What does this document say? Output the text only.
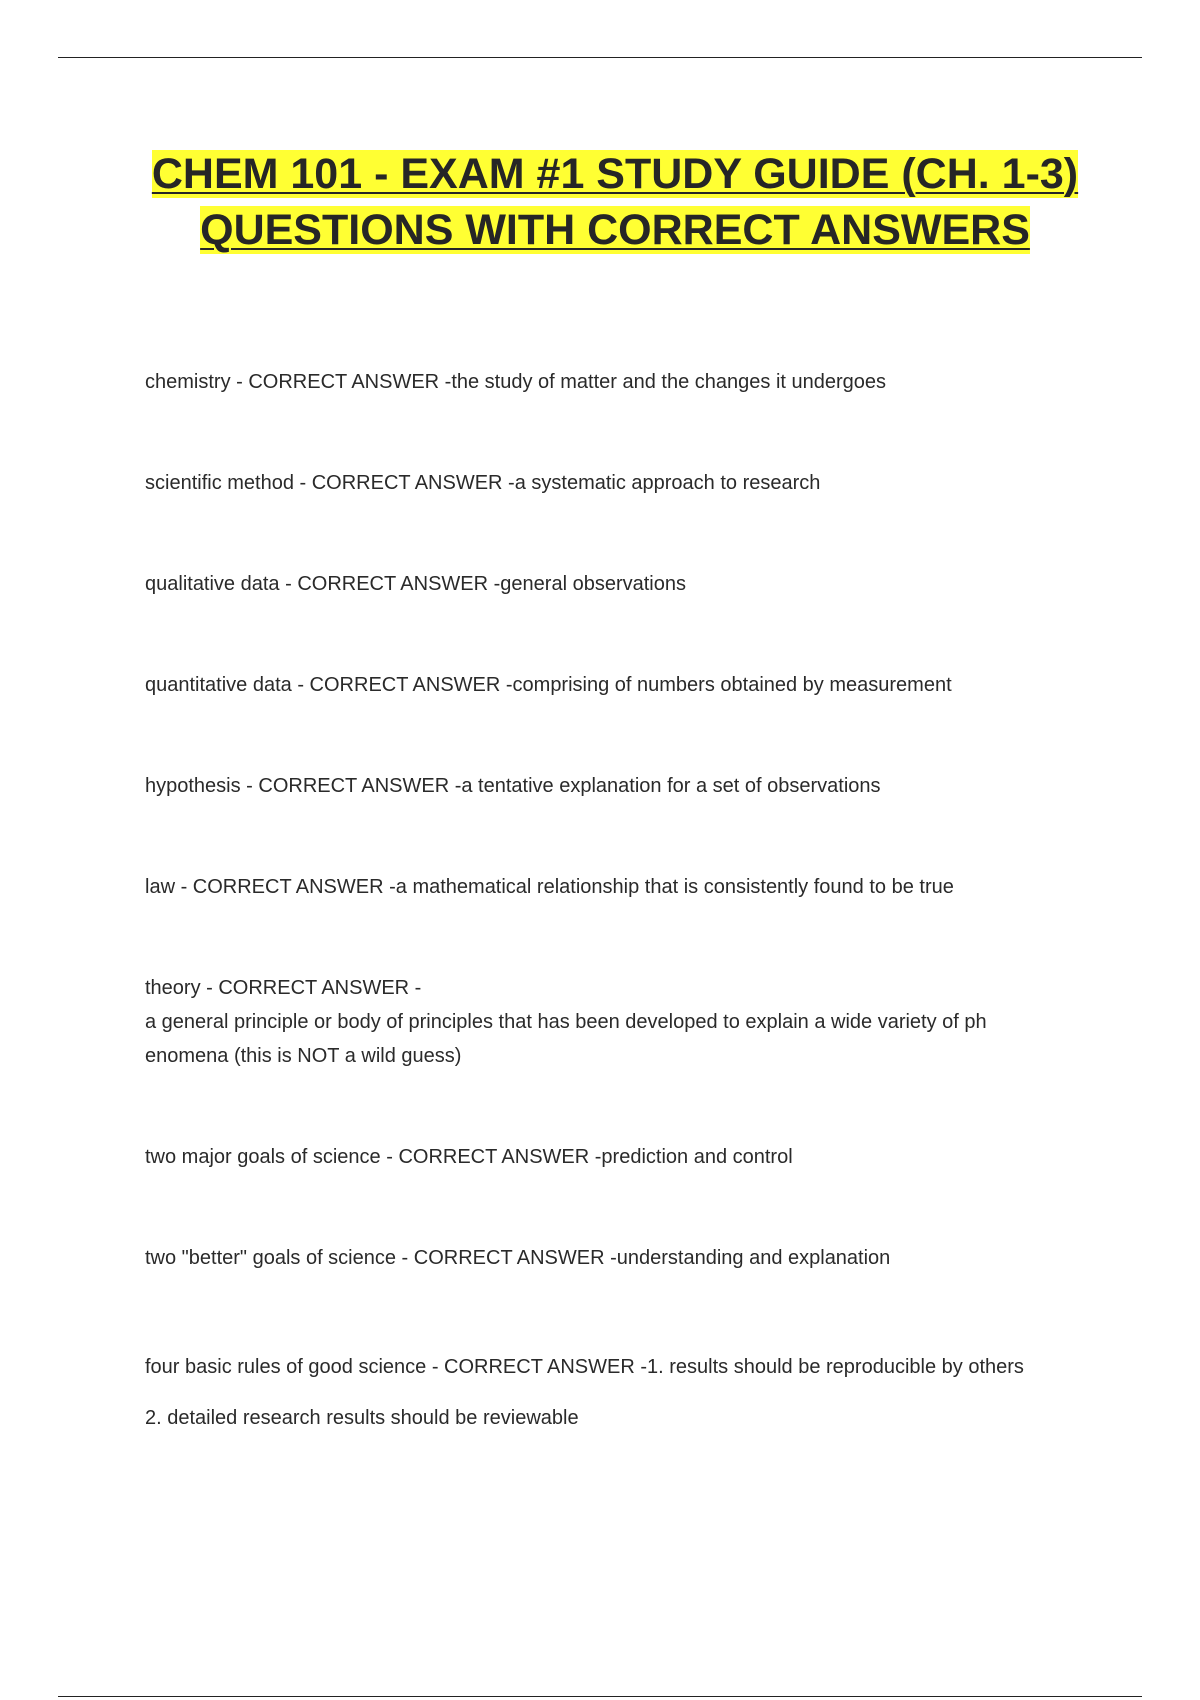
CHEM 101 - EXAM #1 STUDY GUIDE (CH. 1-3) QUESTIONS WITH CORRECT ANSWERS
chemistry - CORRECT ANSWER -the study of matter and the changes it undergoes
scientific method - CORRECT ANSWER -a systematic approach to research
qualitative data - CORRECT ANSWER -general observations
quantitative data - CORRECT ANSWER -comprising of numbers obtained by measurement
hypothesis - CORRECT ANSWER -a tentative explanation for a set of observations
law - CORRECT ANSWER -a mathematical relationship that is consistently found to be true
theory - CORRECT ANSWER -
a general principle or body of principles that has been developed to explain a wide variety of ph
enomena (this is NOT a wild guess)
two major goals of science - CORRECT ANSWER -prediction and control
two "better" goals of science - CORRECT ANSWER -understanding and explanation
four basic rules of good science - CORRECT ANSWER -1. results should be reproducible by others
2. detailed research results should be reviewable
